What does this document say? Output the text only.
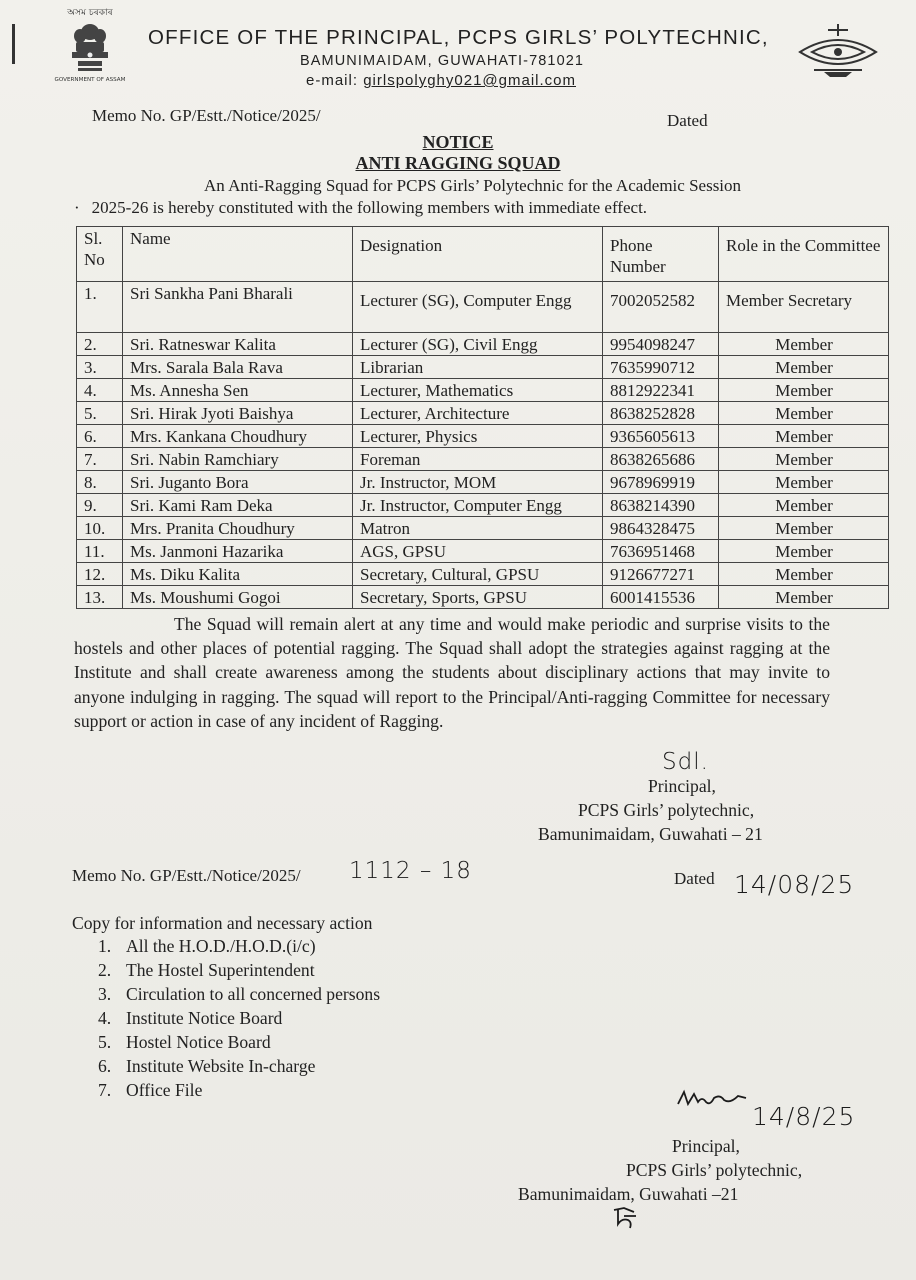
অসম চৰকাৰ
GOVERNMENT OF ASSAM
OFFICE OF THE PRINCIPAL, PCPS GIRLS’ POLYTECHNIC,
BAMUNIMAIDAM, GUWAHATI-781021
e-mail: girlspolyghy021@gmail.com
Memo No. GP/Estt./Notice/2025/	Dated
NOTICE
ANTI RAGGING SQUAD
An Anti-Ragging Squad for PCPS Girls’ Polytechnic for the Academic Session
· 2025-26 is hereby constituted with the following members with immediate effect.
Sl. No	Name	Designation	Phone Number	Role in the Committee
1.	Sri Sankha Pani Bharali	Lecturer (SG), Computer Engg	7002052582	Member Secretary
2.	Sri. Ratneswar Kalita	Lecturer (SG), Civil Engg	9954098247	Member
3.	Mrs. Sarala Bala Rava	Librarian	7635990712	Member
4.	Ms. Annesha Sen	Lecturer, Mathematics	8812922341	Member
5.	Sri. Hirak Jyoti Baishya	Lecturer, Architecture	8638252828	Member
6.	Mrs. Kankana Choudhury	Lecturer, Physics	9365605613	Member
7.	Sri. Nabin Ramchiary	Foreman	8638265686	Member
8.	Sri. Juganto Bora	Jr. Instructor, MOM	9678969919	Member
9.	Sri. Kami Ram Deka	Jr. Instructor, Computer Engg	8638214390	Member
10.	Mrs. Pranita Choudhury	Matron	9864328475	Member
11.	Ms. Janmoni Hazarika	AGS, GPSU	7636951468	Member
12.	Ms. Diku Kalita	Secretary, Cultural, GPSU	9126677271	Member
13.	Ms. Moushumi Gogoi	Secretary, Sports, GPSU	6001415536	Member
The Squad will remain alert at any time and would make periodic and surprise visits to the hostels and other places of potential ragging. The Squad shall adopt the strategies against ragging at the Institute and shall create awareness among the students about disciplinary actions that may invite to anyone indulging in ragging. The squad will report to the Principal/Anti-ragging Committee for necessary support or action in case of any incident of Ragging.
Sdl.
Principal,
PCPS Girls’ polytechnic,
Bamunimaidam, Guwahati – 21
Memo No. GP/Estt./Notice/2025/ 1112 – 18	Dated 14/08/25
Copy for information and necessary action
1. All the H.O.D./H.O.D.(i/c)
2. The Hostel Superintendent
3. Circulation to all concerned persons
4. Institute Notice Board
5. Hostel Notice Board
6. Institute Website In-charge
7. Office File
14/8/25
Principal,
PCPS Girls’ polytechnic,
Bamunimaidam, Guwahati –21
